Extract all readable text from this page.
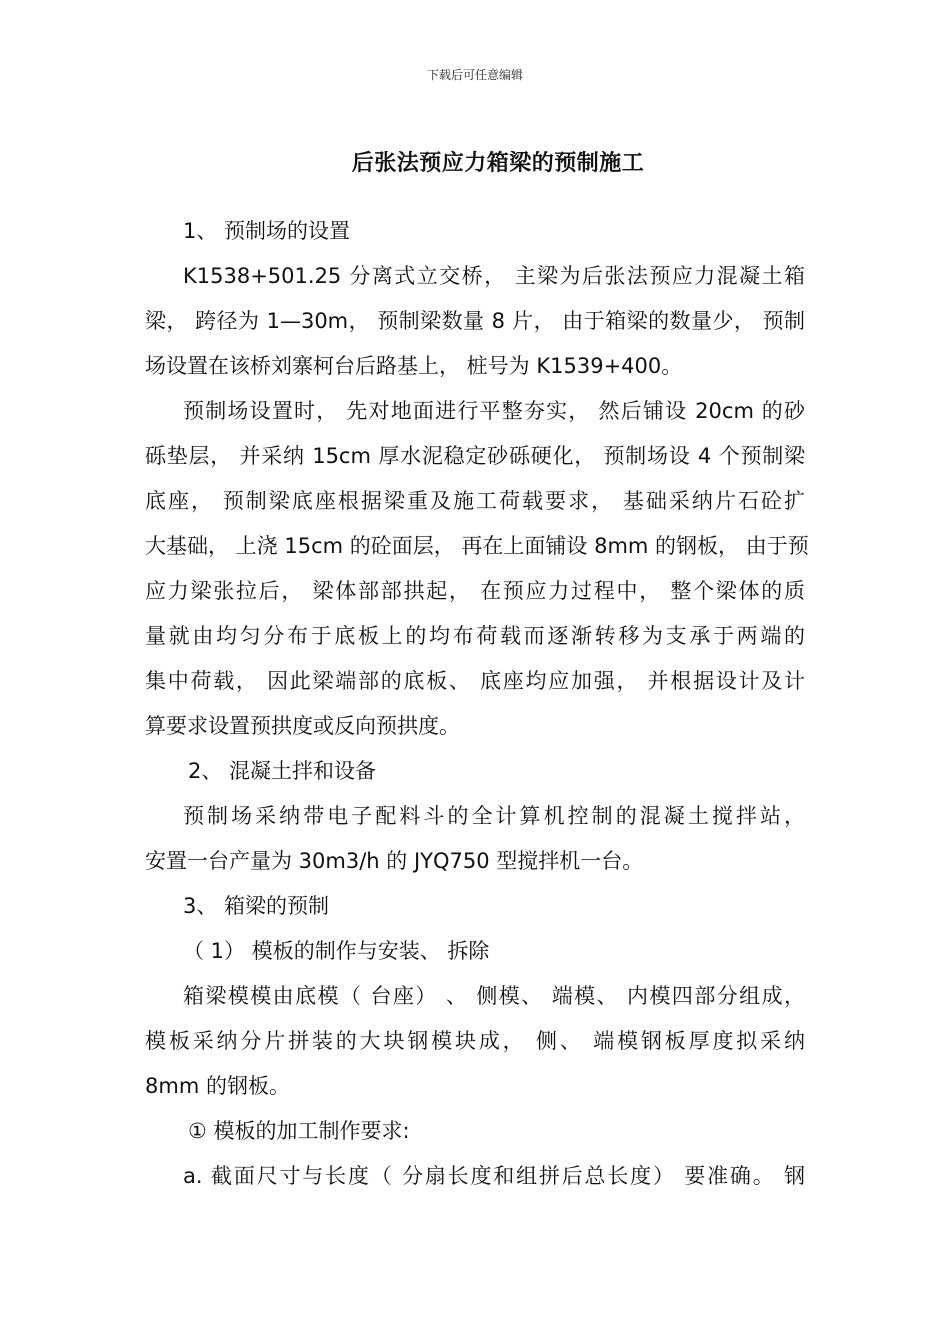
下载后可任意编辑
后张法预应力箱梁的预制施工
1、 预制场的设置
K1538+501.25 分离式立交桥， 主梁为后张法预应力混凝土箱
梁， 跨径为 1—30m， 预制梁数量 8 片， 由于箱梁的数量少， 预制
场设置在该桥刘寨柯台后路基上， 桩号为 K1539+400。
预制场设置时， 先对地面进行平整夯实， 然后铺设 20cm 的砂
砾垫层， 并采纳 15cm 厚水泥稳定砂砾硬化， 预制场设 4 个预制梁
底座， 预制梁底座根据梁重及施工荷载要求， 基础采纳片石砼扩
大基础， 上浇 15cm 的砼面层， 再在上面铺设 8mm 的钢板， 由于预
应力梁张拉后， 梁体部部拱起， 在预应力过程中， 整个梁体的质
量就由均匀分布于底板上的均布荷载而逐渐转移为支承于两端的
集中荷载， 因此梁端部的底板、 底座均应加强， 并根据设计及计
算要求设置预拱度或反向预拱度。
2、 混凝土拌和设备
预制场采纳带电子配料斗的全计算机控制的混凝土搅拌站，
安置一台产量为 30m3/h 的 JYQ750 型搅拌机一台。
3、 箱梁的预制
（ 1） 模板的制作与安装、 拆除
箱梁模模由底模（ 台座） 、 侧模、 端模、 内模四部分组成，
模板采纳分片拼装的大块钢模块成， 侧、 端模钢板厚度拟采纳
8mm 的钢板。
① 模板的加工制作要求:
a. 截面尺寸与长度（ 分扇长度和组拼后总长度） 要准确。 钢
